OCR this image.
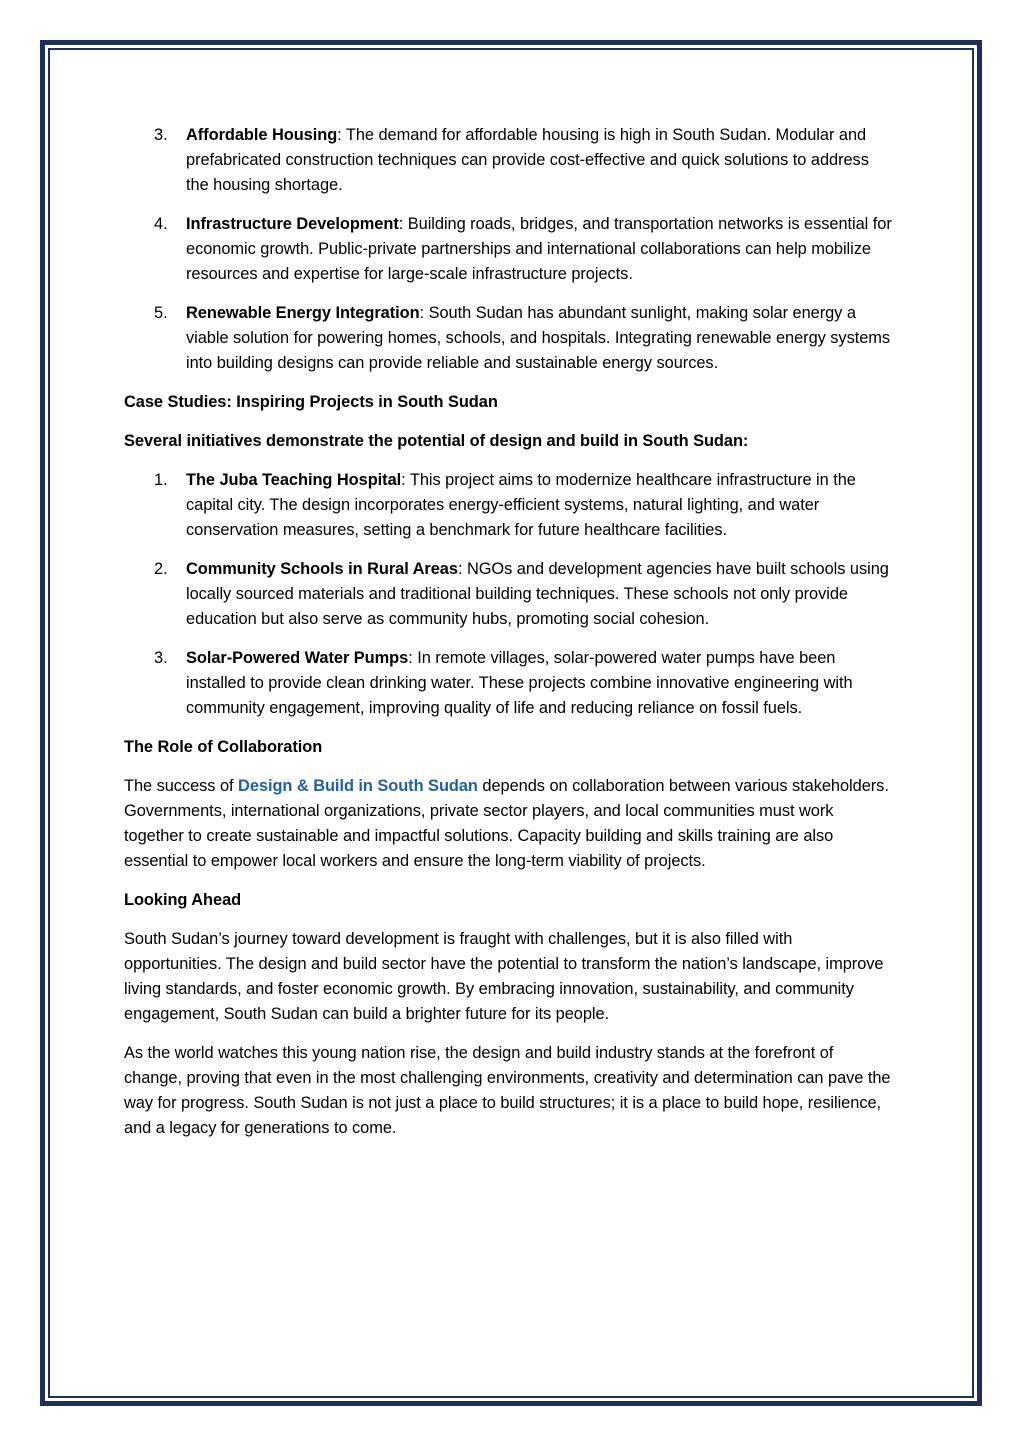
3. Affordable Housing: The demand for affordable housing is high in South Sudan. Modular and prefabricated construction techniques can provide cost-effective and quick solutions to address the housing shortage.
4. Infrastructure Development: Building roads, bridges, and transportation networks is essential for economic growth. Public-private partnerships and international collaborations can help mobilize resources and expertise for large-scale infrastructure projects.
5. Renewable Energy Integration: South Sudan has abundant sunlight, making solar energy a viable solution for powering homes, schools, and hospitals. Integrating renewable energy systems into building designs can provide reliable and sustainable energy sources.
Case Studies: Inspiring Projects in South Sudan
Several initiatives demonstrate the potential of design and build in South Sudan:
1. The Juba Teaching Hospital: This project aims to modernize healthcare infrastructure in the capital city. The design incorporates energy-efficient systems, natural lighting, and water conservation measures, setting a benchmark for future healthcare facilities.
2. Community Schools in Rural Areas: NGOs and development agencies have built schools using locally sourced materials and traditional building techniques. These schools not only provide education but also serve as community hubs, promoting social cohesion.
3. Solar-Powered Water Pumps: In remote villages, solar-powered water pumps have been installed to provide clean drinking water. These projects combine innovative engineering with community engagement, improving quality of life and reducing reliance on fossil fuels.
The Role of Collaboration

The success of Design & Build in South Sudan depends on collaboration between various stakeholders. Governments, international organizations, private sector players, and local communities must work together to create sustainable and impactful solutions. Capacity building and skills training are also essential to empower local workers and ensure the long-term viability of projects.

Looking Ahead

South Sudan’s journey toward development is fraught with challenges, but it is also filled with opportunities. The design and build sector have the potential to transform the nation’s landscape, improve living standards, and foster economic growth. By embracing innovation, sustainability, and community engagement, South Sudan can build a brighter future for its people.

As the world watches this young nation rise, the design and build industry stands at the forefront of change, proving that even in the most challenging environments, creativity and determination can pave the way for progress. South Sudan is not just a place to build structures; it is a place to build hope, resilience, and a legacy for generations to come.
